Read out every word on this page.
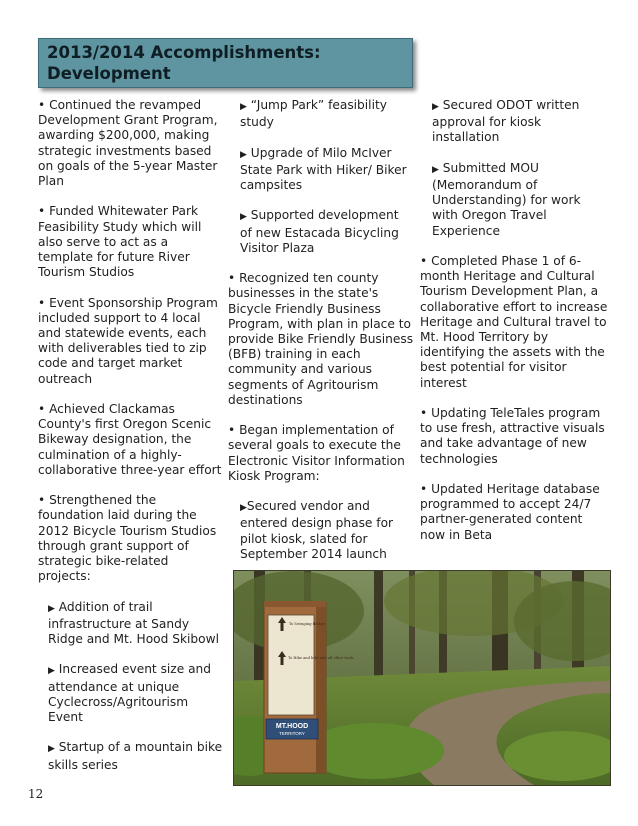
2013/2014 Accomplishments:
Development

• Continued the revamped Development Grant Program, awarding $200,000, making strategic investments based on goals of the 5-year Master Plan

• Funded Whitewater Park Feasibility Study which will also serve to act as a template for future River Tourism Studios

• Event Sponsorship Program included support to 4 local and statewide events, each with deliverables tied to zip code and target market outreach

• Achieved Clackamas County's first Oregon Scenic Bikeway designation, the culmination of a highly-collaborative three-year effort

• Strengthened the foundation laid during the 2012 Bicycle Tourism Studios through grant support of strategic bike-related projects:

▶ Addition of trail infrastructure at Sandy Ridge and Mt. Hood Skibowl

▶ Increased event size and attendance at unique Cyclecross/Agritourism Event

▶ Startup of a mountain bike skills series

▶ “Jump Park” feasibility study

▶ Upgrade of Milo McIver State Park with Hiker/ Biker campsites

▶ Supported development of new Estacada Bicycling Visitor Plaza

• Recognized ten county businesses in the state's Bicycle Friendly Business Program, with plan in place to provide Bike Friendly Business (BFB) training in each community and various segments of Agritourism destinations

• Began implementation of several goals to execute the Electronic Visitor Information Kiosk Program:

▶Secured vendor and entered design phase for pilot kiosk, slated for September 2014 launch

▶ Secured ODOT written approval for kiosk installation

▶ Submitted MOU (Memorandum of Understanding) for work with Oregon Travel Experience

• Completed Phase 1 of 6-month Heritage and Cultural Tourism Development Plan, a collaborative effort to increase Heritage and Cultural travel to Mt. Hood Territory by identifying the assets with the best potential for visitor interest

• Updating TeleTales program to use fresh, attractive visuals and take advantage of new technologies

• Updated Heritage database programmed to accept 24/7 partner-generated content now in Beta

To Swinging Bridge
To Hike and bike and all other trails
MT.HOOD
TERRITORY
12
